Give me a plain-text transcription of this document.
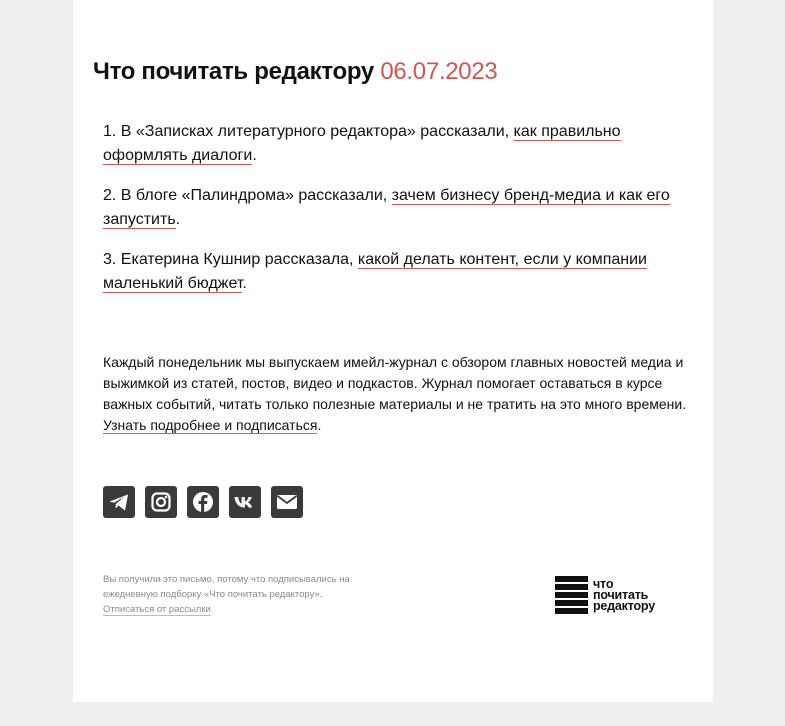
Что почитать редактору 06.07.2023

1. В «Записках литературного редактора» рассказали, как правильно оформлять диалоги.

2. В блоге «Палиндрома» рассказали, зачем бизнесу бренд-медиа и как его запустить.

3. Екатерина Кушнир рассказала, какой делать контент, если у компании маленький бюджет.

Каждый понедельник мы выпускаем имейл-журнал с обзором главных новостей медиа и выжимкой из статей, постов, видео и подкастов. Журнал помогает оставаться в курсе важных событий, читать только полезные материалы и не тратить на это много времени. Узнать подробнее и подписаться.

Вы получили это письмо, потому что подписывались на ежедневную подборку «Что почитать редактору».
Отписаться от рассылки

что
почитать
редактору
